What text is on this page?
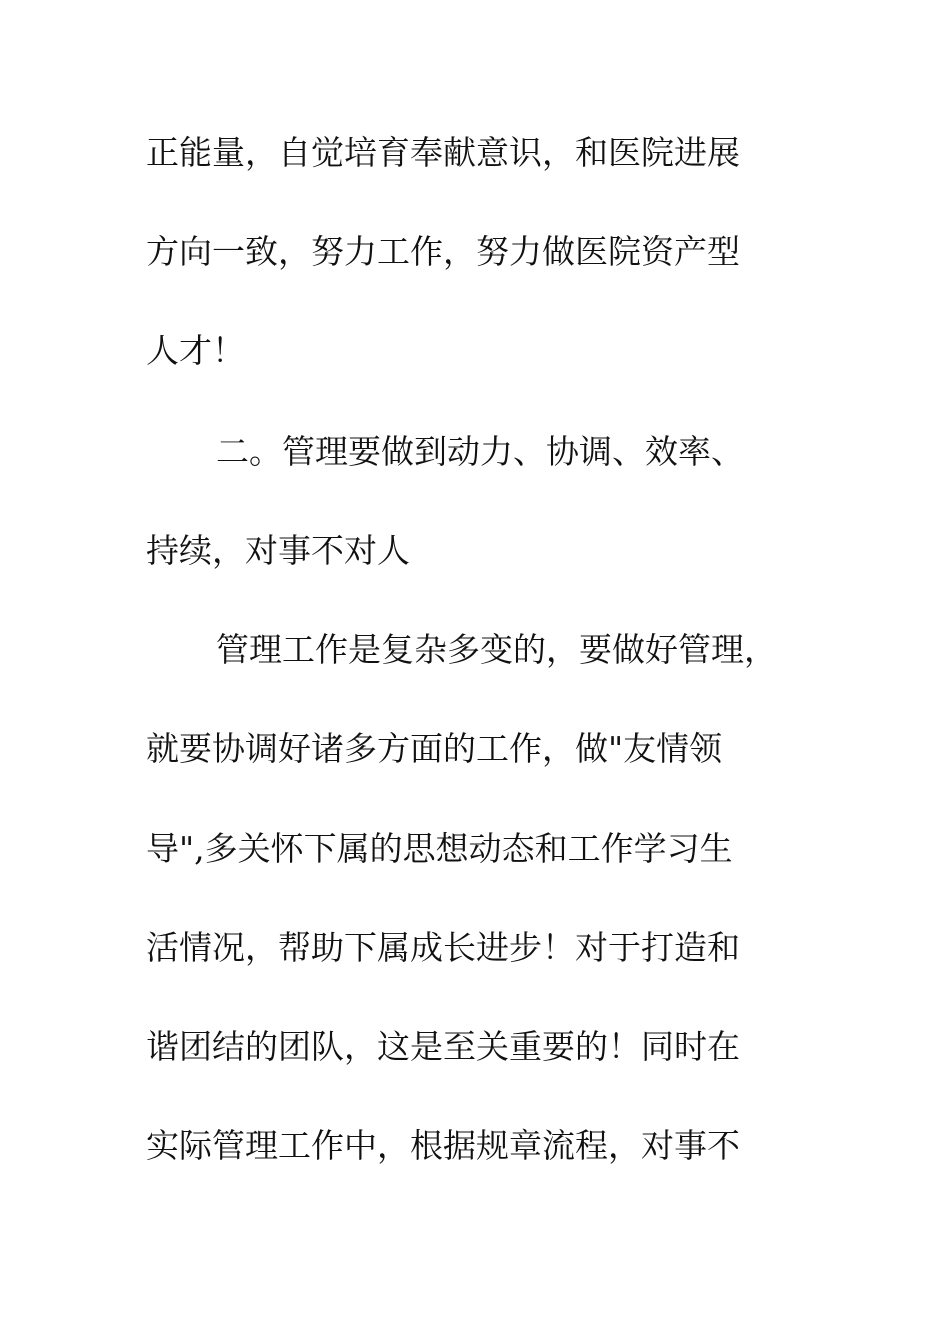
正能量，自觉培育奉献意识，和医院进展
方向一致，努力工作，努力做医院资产型
人才！
二。管理要做到动力、协调、效率、
持续，对事不对人
管理工作是复杂多变的，要做好管理，
就要协调好诸多方面的工作，做"友情领
导",多关怀下属的思想动态和工作学习生
活情况，帮助下属成长进步！对于打造和
谐团结的团队，这是至关重要的！同时在
实际管理工作中，根据规章流程，对事不
